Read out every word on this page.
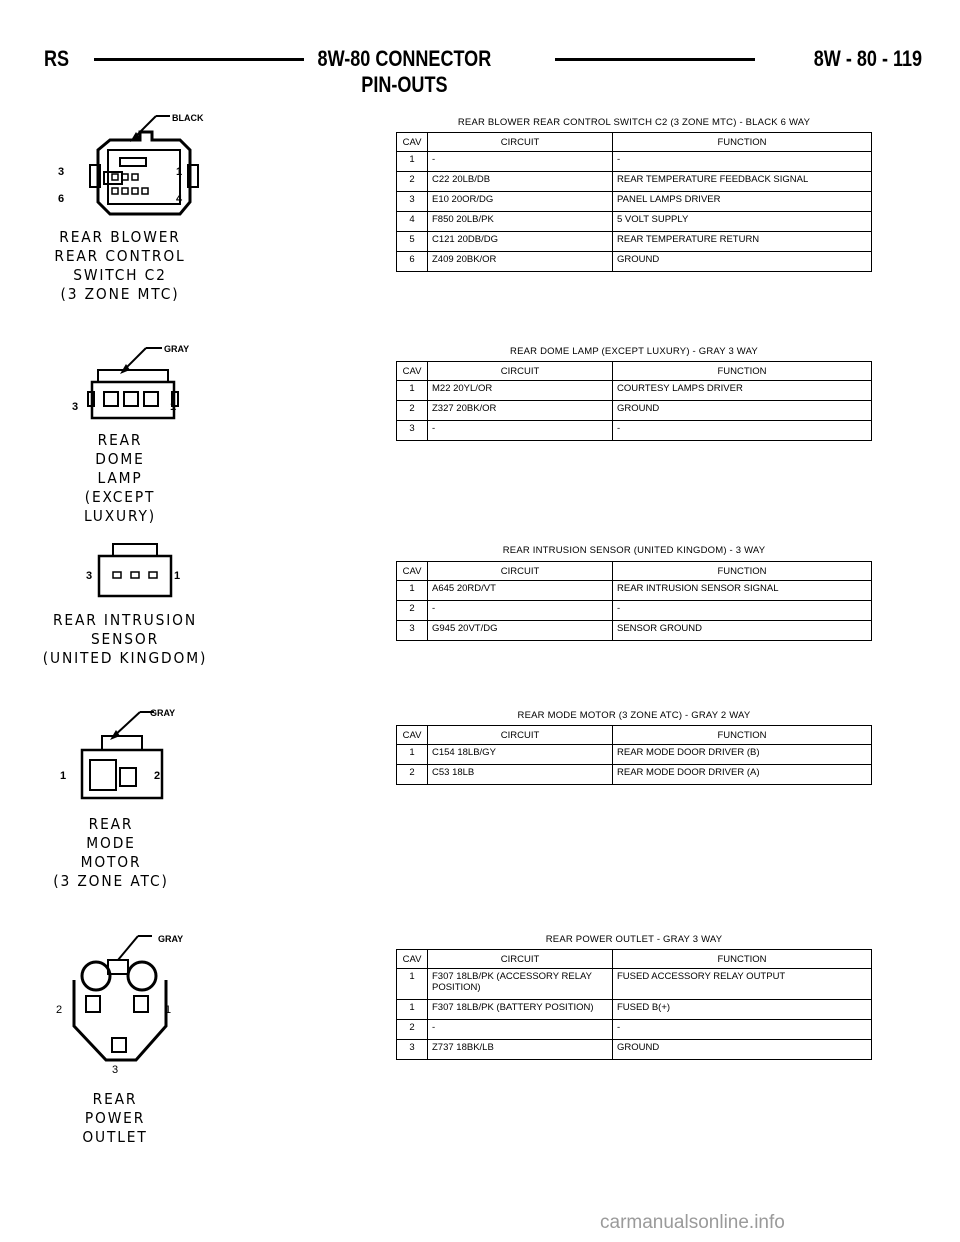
RS	8W-80 CONNECTOR PIN-OUTS
8W - 80 - 119
BLACK
3	1
6	4
REAR BLOWER
REAR CONTROL
SWITCH C2
(3 ZONE MTC)
GRAY
3	1
REAR
DOME
LAMP
(EXCEPT LUXURY)
3	1
REAR INTRUSION
SENSOR
(UNITED KINGDOM)
GRAY
1	2
REAR
MODE
MOTOR
(3 ZONE ATC)
GRAY
2	1
3
REAR
POWER
OUTLET
REAR BLOWER REAR CONTROL SWITCH C2 (3 ZONE MTC) - BLACK 6 WAY
CAV	CIRCUIT	FUNCTION
1	-	-
2	C22 20LB/DB	REAR TEMPERATURE FEEDBACK SIGNAL
3	E10 20OR/DG	PANEL LAMPS DRIVER
4	F850 20LB/PK	5 VOLT SUPPLY
5	C121 20DB/DG	REAR TEMPERATURE RETURN
6	Z409 20BK/OR	GROUND
REAR DOME LAMP (EXCEPT LUXURY) - GRAY 3 WAY
CAV	CIRCUIT	FUNCTION
1	M22 20YL/OR	COURTESY LAMPS DRIVER
2	Z327 20BK/OR	GROUND
3	-	-
REAR INTRUSION SENSOR (UNITED KINGDOM) - 3 WAY
CAV	CIRCUIT	FUNCTION
1	A645 20RD/VT	REAR INTRUSION SENSOR SIGNAL
2	-	-
3	G945 20VT/DG	SENSOR GROUND
REAR MODE MOTOR (3 ZONE ATC) - GRAY 2 WAY
CAV	CIRCUIT	FUNCTION
1	C154 18LB/GY	REAR MODE DOOR DRIVER (B)
2	C53 18LB	REAR MODE DOOR DRIVER (A)
REAR POWER OUTLET - GRAY 3 WAY
CAV	CIRCUIT	FUNCTION
1	F307 18LB/PK (ACCESSORY RELAY POSITION)	FUSED ACCESSORY RELAY OUTPUT
1	F307 18LB/PK (BATTERY POSITION)	FUSED B(+)
2	-	-
3	Z737 18BK/LB	GROUND
carmanualsonline.info
